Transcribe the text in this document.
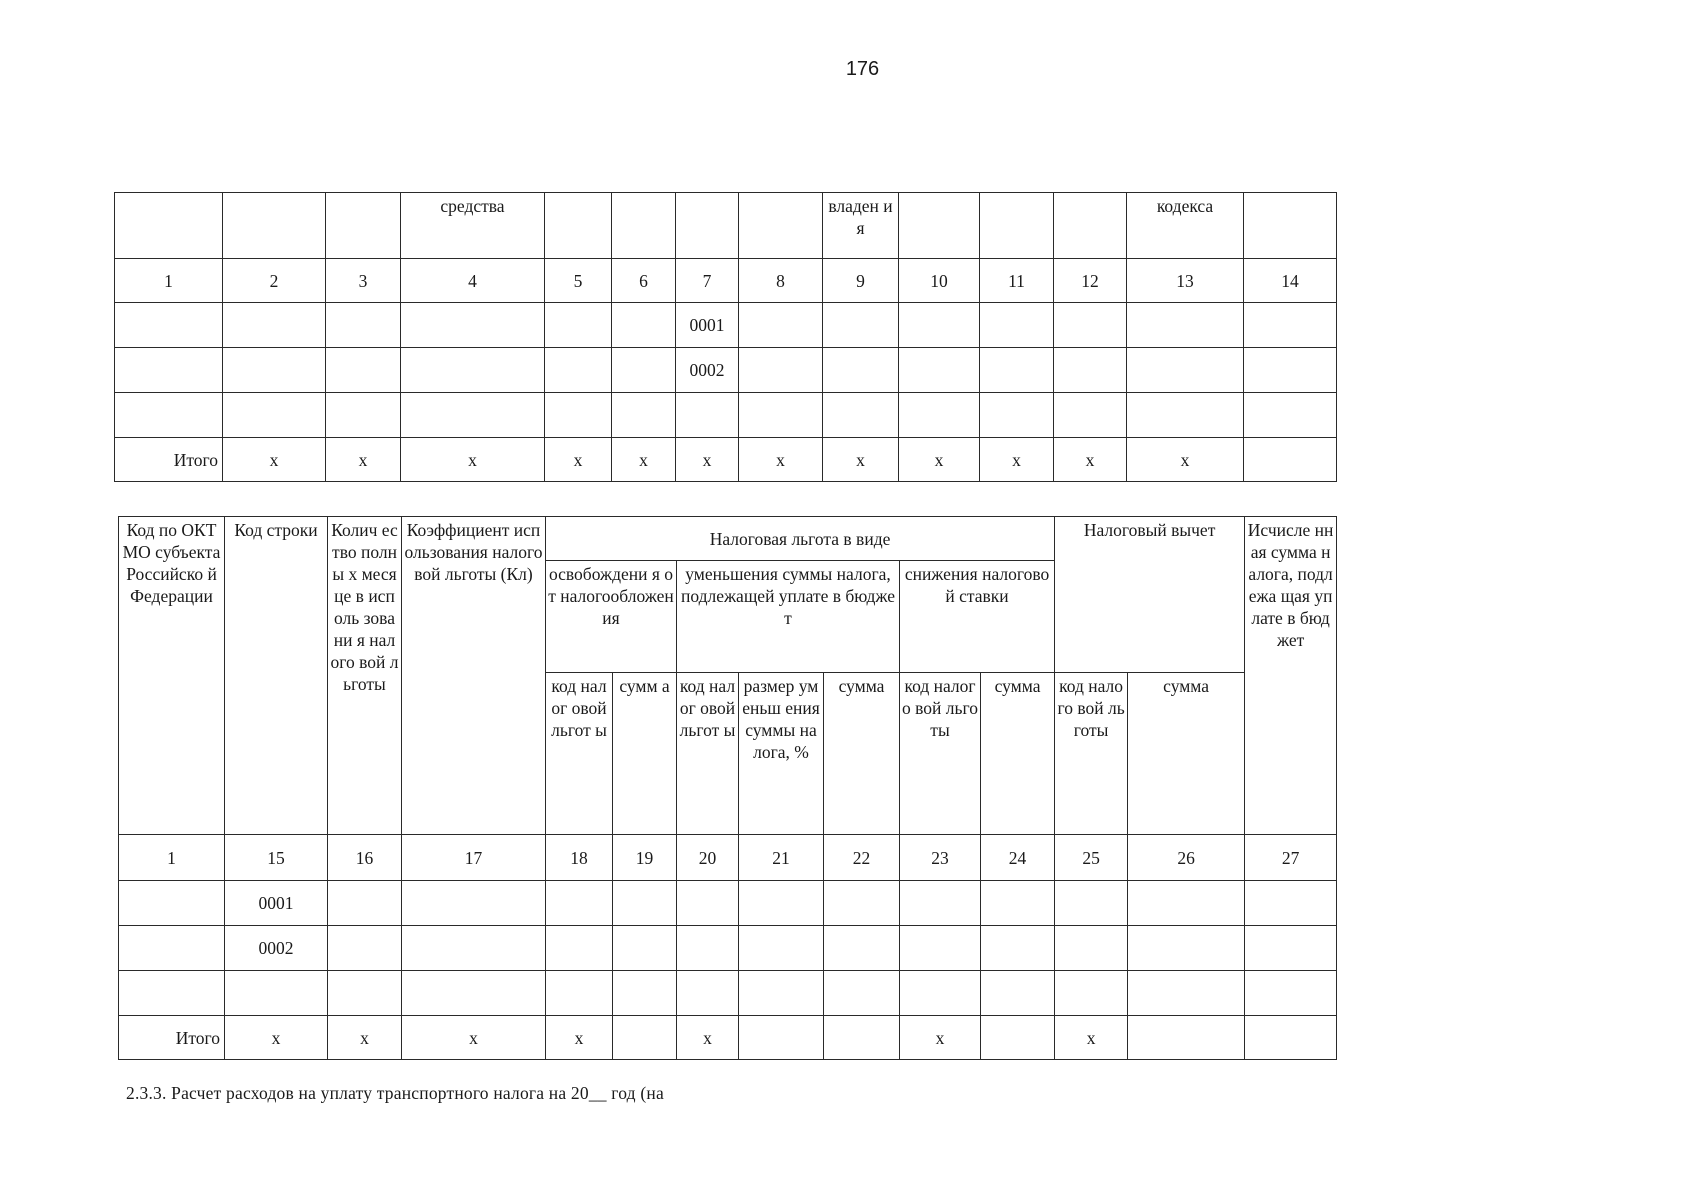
176
			средства					владен ия				кодекса	
1	2	3	4	5	6	7	8	9	10	11	12	13	14
						0001							
						0002							

Итого	x	x	x	x	x	x	x	x	x	x	x	x	
Код по ОКТМО субъекта Российско й Федерации	Код строки	Колич ество полны х месяце в исполь зовани я налого вой льготы	Коэффициент использования налоговой льготы (Кл)	Налоговая льгота в виде							Налоговый вычет		Исчисле нная сумма налога, подлежа щая уплате в бюджет
				освобождени я от налогообложения		уменьшения суммы налога, подлежащей уплате в бюджет			снижения налоговой ставки				
				код налог овой льгот ы	сумм а	код налог овой льгот ы	размер уменьш ения суммы налога, %	сумма	код налого вой льготы	сумма	код налого вой льготы	сумма	
1	15	16	17	18	19	20	21	22	23	24	25	26	27
	0001												
	0002												

Итого	x	x	x	x		x			x		x		
2.3.3. Расчет расходов на уплату транспортного налога на 20__ год (на
